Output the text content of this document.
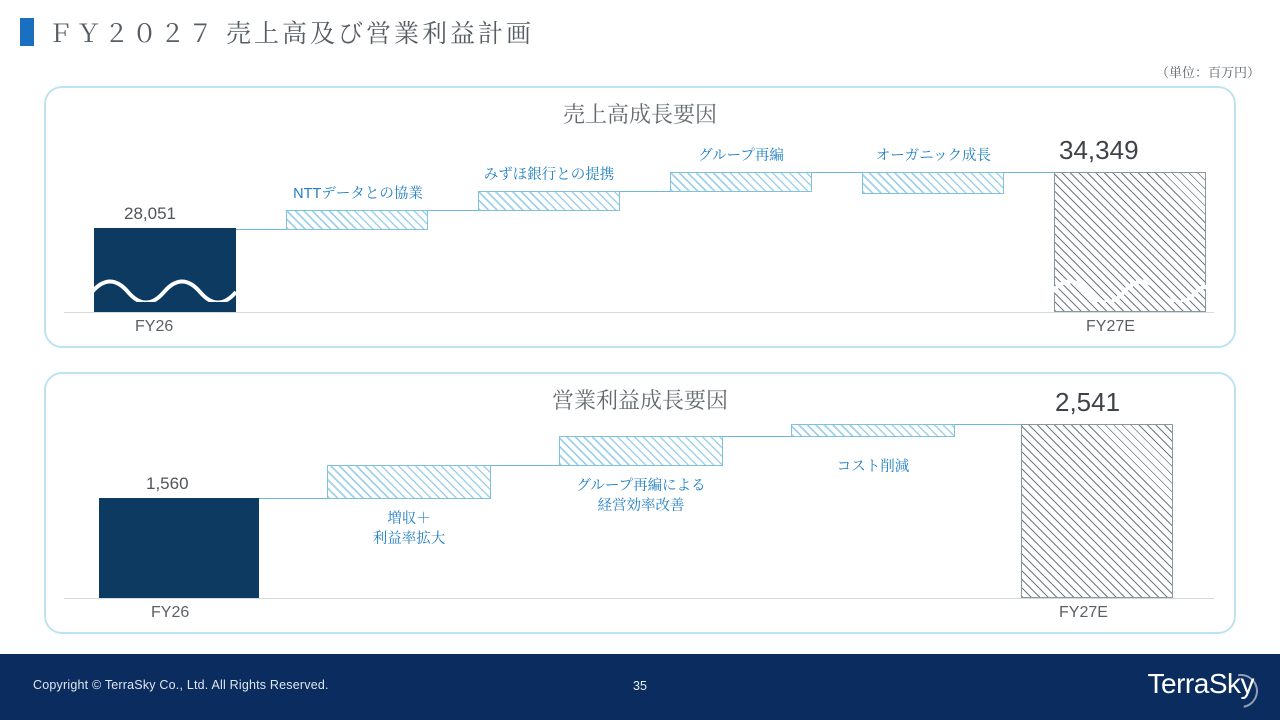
ＦＹ２０２７ 売上高及び営業利益計画
（単位：百万円）
売上高成長要因
28,051
NTTデータとの協業
みずほ銀行との提携
グループ再編	オーガニック成長	34,349
FY26	FY27E
営業利益成長要因
1,560
増収＋
利益率拡大
グループ再編による
経営効率改善
コスト削減
2,541
FY26	FY27E
Copyright © TerraSky Co., Ltd. All Rights Reserved.	35	TerraSky
